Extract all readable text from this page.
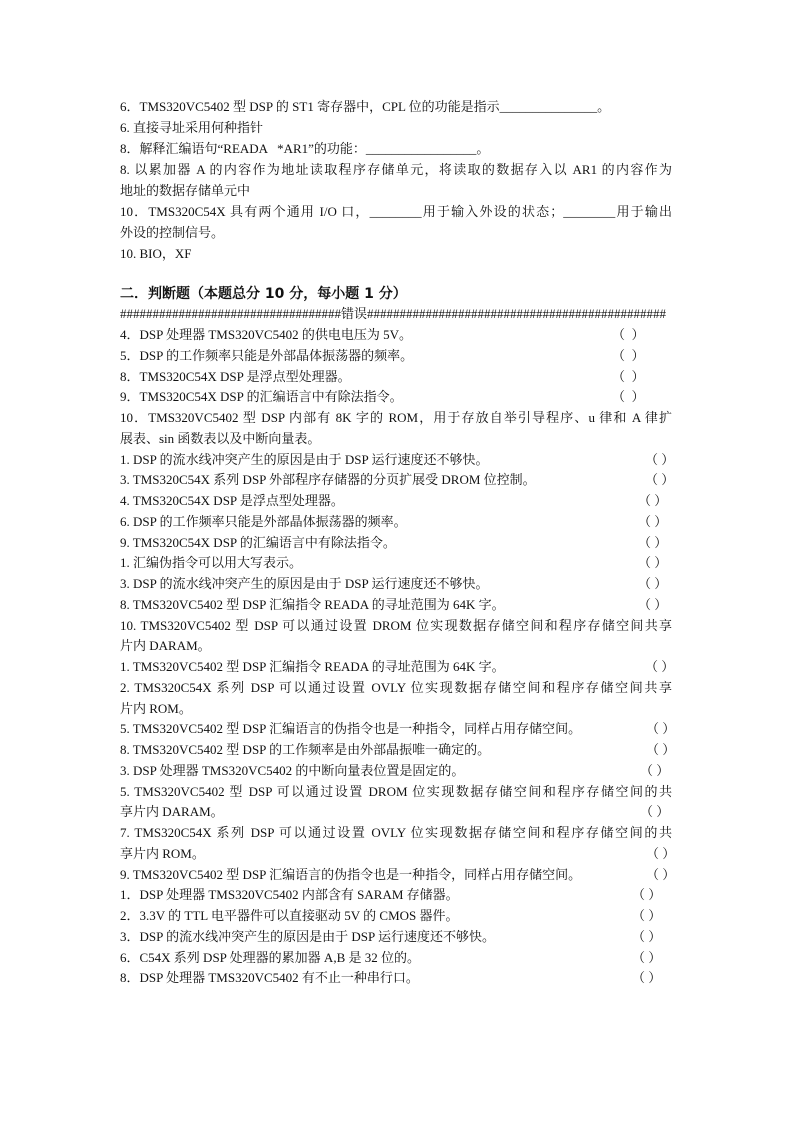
6．TMS320VC5402 型 DSP 的 ST1 寄存器中，CPL 位的功能是指示_______________。
6. 直接寻址采用何种指针
8．解释汇编语句“READA   *AR1”的功能：_________________。
8. 以累加器 A 的内容作为地址读取程序存储单元，将读取的数据存入以 AR1 的内容作为
地址的数据存储单元中
10．TMS320C54X 具有两个通用 I/O 口，________用于输入外设的状态；________用于输出
外设的控制信号。
10. BIO，XF
二．判断题（本题总分 10 分，每小题 1 分）
##################################错误##############################################
4．DSP 处理器 TMS320VC5402 的供电电压为 5V。	（  ）
5．DSP 的工作频率只能是外部晶体振荡器的频率。	（  ）
8．TMS320C54X DSP 是浮点型处理器。	（  ）
9．TMS320C54X DSP 的汇编语言中有除法指令。	（  ）
10．TMS320VC5402 型 DSP 内部有 8K 字的 ROM，用于存放自举引导程序、u 律和 A 律扩
展表、sin 函数表以及中断向量表。
1. DSP 的流水线冲突产生的原因是由于 DSP 运行速度还不够快。	（ ）
3. TMS320C54X 系列 DSP 外部程序存储器的分页扩展受 DROM 位控制。	（ ）
4. TMS320C54X DSP 是浮点型处理器。	（ ）
6. DSP 的工作频率只能是外部晶体振荡器的频率。	（ ）
9. TMS320C54X DSP 的汇编语言中有除法指令。	（ ）
1. 汇编伪指令可以用大写表示。	（ ）
3. DSP 的流水线冲突产生的原因是由于 DSP 运行速度还不够快。	（ ）
8. TMS320VC5402 型 DSP 汇编指令 READA 的寻址范围为 64K 字。	（ ）
10. TMS320VC5402 型 DSP 可以通过设置 DROM 位实现数据存储空间和程序存储空间共享
片内 DARAM。
1. TMS320VC5402 型 DSP 汇编指令 READA 的寻址范围为 64K 字。	（ ）
2. TMS320C54X 系列 DSP 可以通过设置 OVLY 位实现数据存储空间和程序存储空间共享
片内 ROM。
5. TMS320VC5402 型 DSP 汇编语言的伪指令也是一种指令，同样占用存储空间。	（ ）
8. TMS320VC5402 型 DSP 的工作频率是由外部晶振唯一确定的。	（ ）
3. DSP 处理器 TMS320VC5402 的中断向量表位置是固定的。	（ ）
5. TMS320VC5402 型 DSP 可以通过设置 DROM 位实现数据存储空间和程序存储空间的共
享片内 DARAM。	（ ）
7. TMS320C54X 系列 DSP 可以通过设置 OVLY 位实现数据存储空间和程序存储空间的共
享片内 ROM。	（ ）
9. TMS320VC5402 型 DSP 汇编语言的伪指令也是一种指令，同样占用存储空间。	（ ）
1．DSP 处理器 TMS320VC5402 内部含有 SARAM 存储器。	（ ）
2．3.3V 的 TTL 电平器件可以直接驱动 5V 的 CMOS 器件。	（ ）
3．DSP 的流水线冲突产生的原因是由于 DSP 运行速度还不够快。	（ ）
6．C54X 系列 DSP 处理器的累加器 A,B 是 32 位的。	（ ）
8．DSP 处理器 TMS320VC5402 有不止一种串行口。	（ ）
